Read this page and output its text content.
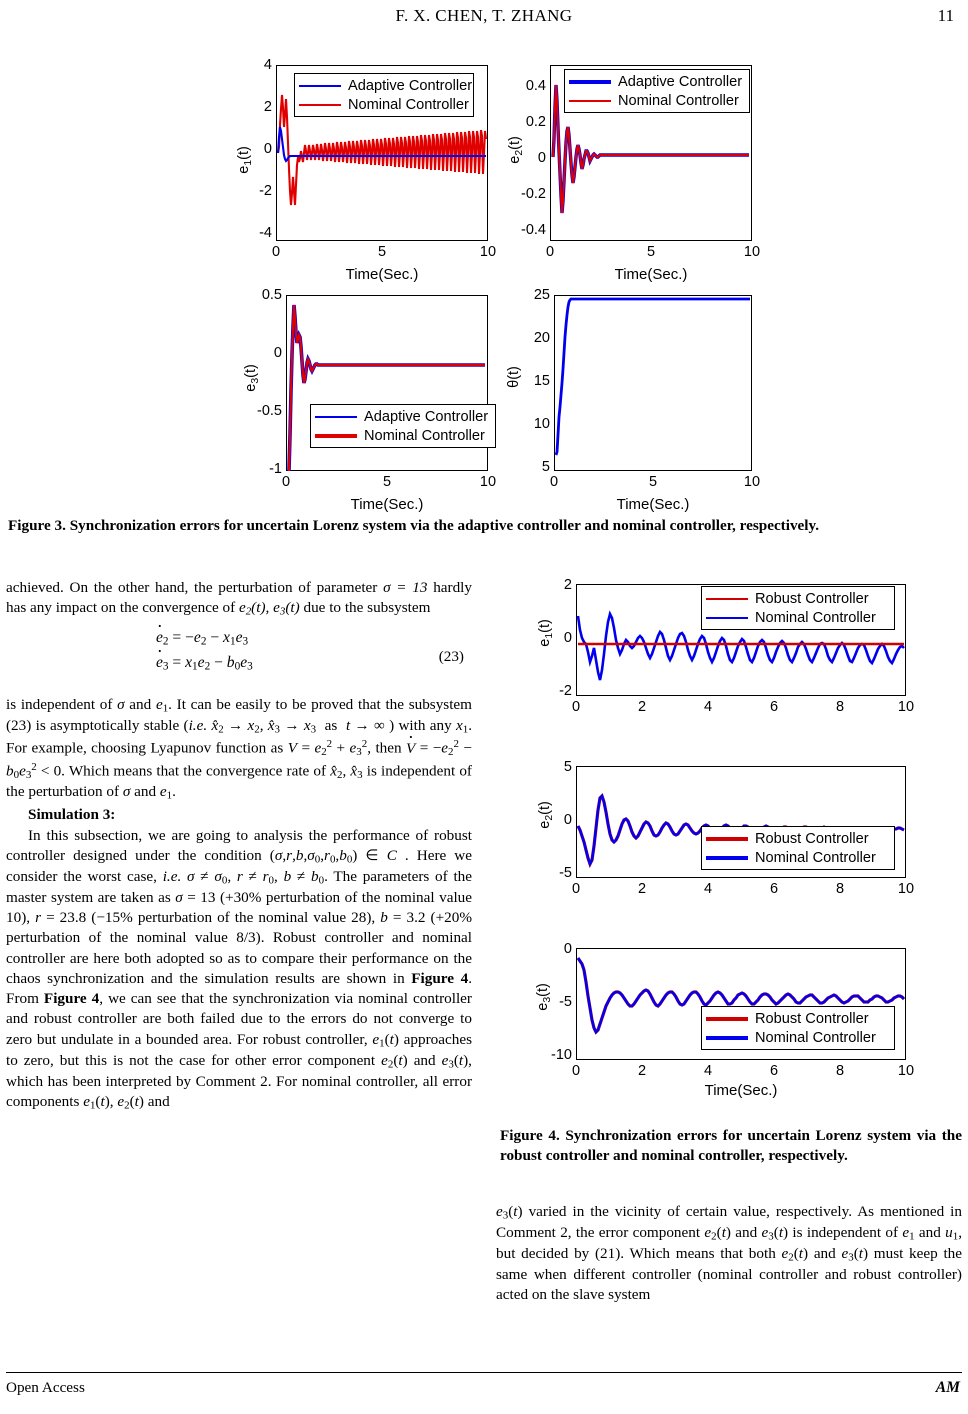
F. X. CHEN, T. ZHANG	11
$e_1(t)$
4
2
0
-2
-4
Adaptive Controller
Nominal Controller
0	5	10
Time(Sec.)
$e_2(t)$
0.4
0.2
0
-0.2
-0.4
Adaptive Controller
Nominal Controller
0	5	10
Time(Sec.)
$e_3(t)$
0.5
0
-0.5
-1
Adaptive Controller
Nominal Controller
0	5	10
Time(Sec.)
θ(t)
25
20
15
10
5
0	5	10
Time(Sec.)
Figure 3. Synchronization errors for uncertain Lorenz system via the adaptive controller and nominal controller, respectively.

achieved. On the other hand, the perturbation of parameter σ = 13 hardly has any impact on the convergence of $e_2(t)$, $e_3(t)$ due to the subsystem

· $e_2 = -e_2 - x_1e_3$
· $e_3 = x_1e_2 - b_0e_3$
(23)

is independent of σ and $e_1$. It can be easily to be proved that the subsystem (23) is asymptotically stable (i.e. $x̂_2 \to x_2$, $x̂_3 \to x_3$  as  t → ∞ ) with any $x_1$. For example, choosing Lyapunov function as $V = e_2^2 + e_3^2$, then · $V = -e_2^2 - b_0e_3^2 < 0$. Which means that the convergence rate of $x̂_2$, $x̂_3$ is independent of the perturbation of σ and $e_1$.

Simulation 3:

In this subsection, we are going to analysis the performance of robust controller designed under the condition $(\sigma,r,b,\sigma_0,r_0,b_0)$ ∈ C . Here we consider the worst case, i.e. $\sigma \ne \sigma_0$, $r \ne r_0$, $b \ne b_0$. The parameters of the master system are taken as σ = 13 (+30% perturbation of the nominal value 10), r = 23.8 (−15% perturbation of the nominal value 28), b = 3.2 (+20% perturbation of the nominal value 8/3). Robust controller and nominal controller are here both adopted so as to compare their performance on the chaos synchronization and the simulation results are shown in Figure 4. From Figure 4, we can see that the synchronization via nominal controller and robust controller are both failed due to the errors do not converge to zero but undulate in a bounded area. For robust controller, $e_1(t)$ approaches to zero, but this is not the case for other error component $e_2(t)$ and $e_3(t)$, which has been interpreted by Comment 2. For nominal controller, all error components $e_1(t)$, $e_2(t)$ and

$e_1(t)$
2
0
-2
Robust Controller
Nominal Controller
0	2	4	6	8	10
$e_2(t)$
5
0
-5
Robust Controller
Nominal Controller
0	2	4	6	8	10
$e_3(t)$
0
-5
-10
Robust Controller
Nominal Controller
0	2	4	6	8	10
Time(Sec.)
Figure 4. Synchronization errors for uncertain Lorenz system via the robust controller and nominal controller, respectively.

$e_3(t)$ varied in the vicinity of certain value, respectively. As mentioned in Comment 2, the error component $e_2(t)$ and $e_3(t)$ is independent of $e_1$ and $u_1$, but decided by (21). Which means that both $e_2(t)$ and $e_3(t)$ must keep the same when different controller (nominal controller and robust controller) acted on the slave system

Open Access	AM
